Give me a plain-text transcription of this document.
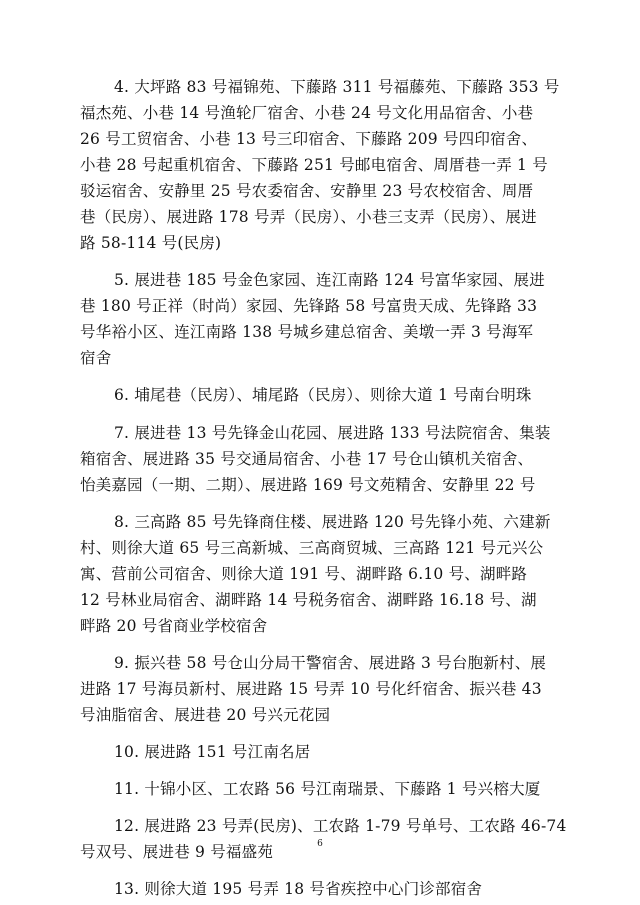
4. 大坪路 83 号福锦苑、下藤路 311 号福藤苑、下藤路 353 号
福杰苑、小巷 14 号渔轮厂宿舍、小巷 24 号文化用品宿舍、小巷
26 号工贸宿舍、小巷 13 号三印宿舍、下藤路 209 号四印宿舍、
小巷 28 号起重机宿舍、下藤路 251 号邮电宿舍、周厝巷一弄 1 号
驳运宿舍、安静里 25 号农委宿舍、安静里 23 号农校宿舍、周厝
巷（民房）、展进路 178 号弄（民房）、小巷三支弄（民房）、展进
路 58-114 号(民房)
5. 展进巷 185 号金色家园、连江南路 124 号富华家园、展进
巷 180 号正祥（时尚）家园、先锋路 58 号富贵天成、先锋路 33
号华裕小区、连江南路 138 号城乡建总宿舍、美墩一弄 3 号海军
宿舍
6. 埔尾巷（民房）、埔尾路（民房）、则徐大道 1 号南台明珠
7. 展进巷 13 号先锋金山花园、展进路 133 号法院宿舍、集装
箱宿舍、展进路 35 号交通局宿舍、小巷 17 号仓山镇机关宿舍、
怡美嘉园（一期、二期）、展进路 169 号文苑精舍、安静里 22 号
8. 三高路 85 号先锋商住楼、展进路 120 号先锋小苑、六建新
村、则徐大道 65 号三高新城、三高商贸城、三高路 121 号元兴公
寓、营前公司宿舍、则徐大道 191 号、湖畔路 6.10 号、湖畔路
12 号林业局宿舍、湖畔路 14 号税务宿舍、湖畔路 16.18 号、湖
畔路 20 号省商业学校宿舍
9. 振兴巷 58 号仓山分局干警宿舍、展进路 3 号台胞新村、展
进路 17 号海员新村、展进路 15 号弄 10 号化纤宿舍、振兴巷 43
号油脂宿舍、展进巷 20 号兴元花园
10. 展进路 151 号江南名居
11. 十锦小区、工农路 56 号江南瑞景、下藤路 1 号兴榕大厦
12. 展进路 23 号弄(民房)、工农路 1-79 号单号、工农路 46-74
号双号、展进巷 9 号福盛苑
13. 则徐大道 195 号弄 18 号省疾控中心门诊部宿舍
6
